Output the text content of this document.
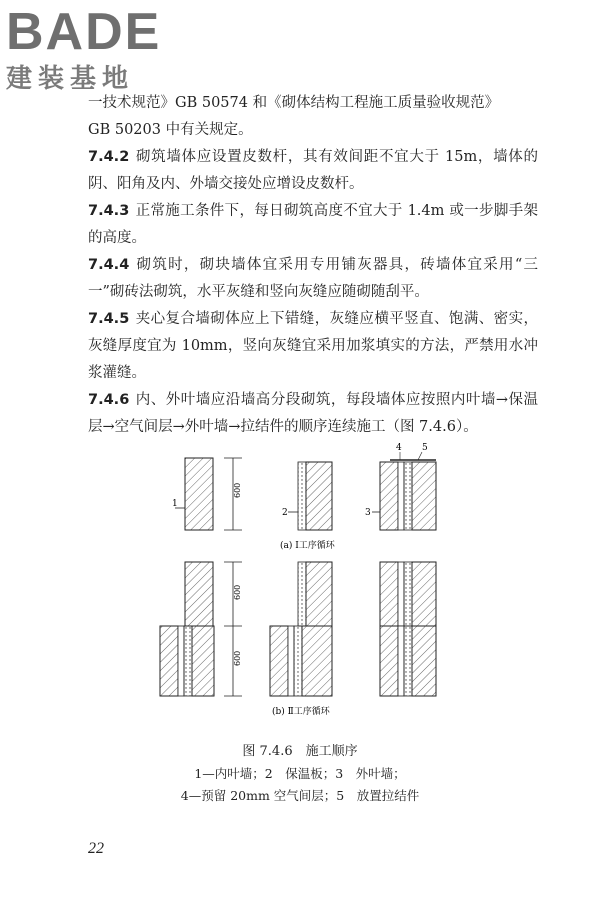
BADE
建装基地
一技术规范》GB 50574 和《砌体结构工程施工质量验收规范》
GB 50203 中有关规定。
7.4.2 砌筑墙体应设置皮数杆，其有效间距不宜大于 15m，墙体的阴、阳角及内、外墙交接处应增设皮数杆。
7.4.3 正常施工条件下，每日砌筑高度不宜大于 1.4m 或一步脚手架的高度。
7.4.4 砌筑时，砌块墙体宜采用专用铺灰器具，砖墙体宜采用“三一”砌砖法砌筑，水平灰缝和竖向灰缝应随砌随刮平。
7.4.5 夹心复合墙砌体应上下错缝，灰缝应横平竖直、饱满、密实，灰缝厚度宜为 10mm，竖向灰缝宜采用加浆填实的方法，严禁用水冲浆灌缝。
7.4.6 内、外叶墙应沿墙高分段砌筑，每段墙体应按照内叶墙→保温层→空气间层→外叶墙→拉结件的顺序连续施工（图 7.4.6）。
600
1
2
4 5
3
(a) Ⅰ工序循环
600
600
(b) Ⅱ工序循环
图 7.4.6　施工顺序
1—内叶墙；2　保温板；3　外叶墙；
4—预留 20mm 空气间层；5　放置拉结件
22
